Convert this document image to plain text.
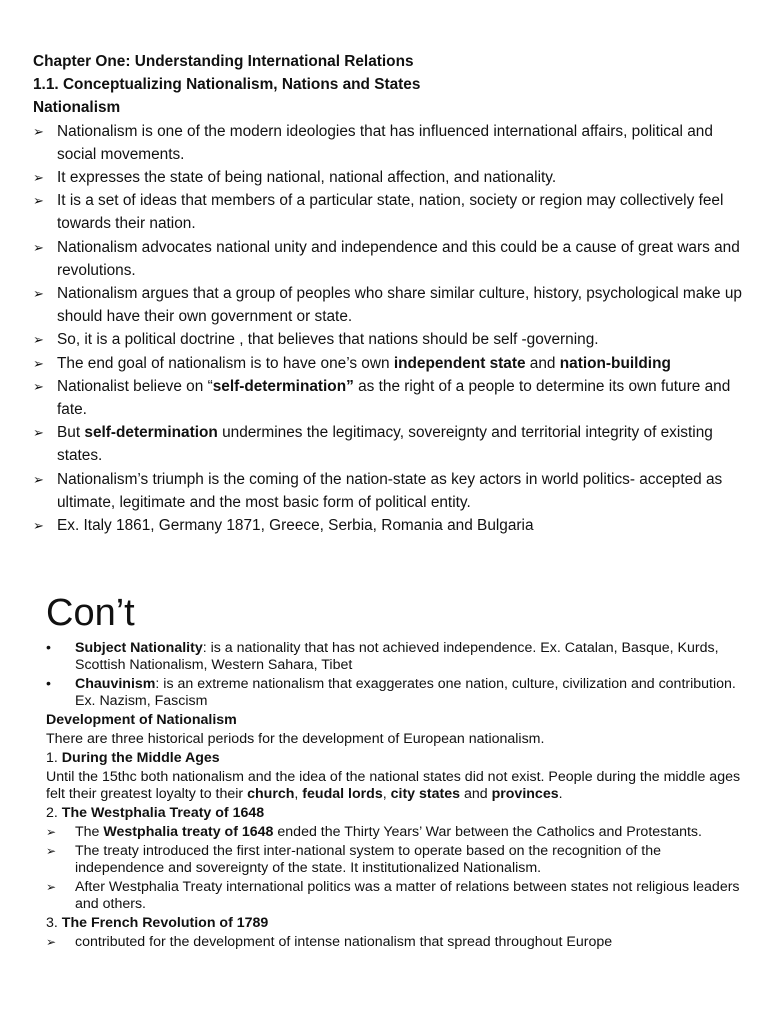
Chapter One: Understanding International Relations
1.1. Conceptualizing Nationalism, Nations and States
Nationalism
➢ Nationalism is one of the modern ideologies that has influenced international affairs, political and social movements.
➢ It expresses the state of being national, national affection, and nationality.
➢ It is a set of ideas that members of a particular state, nation, society or region may collectively feel towards their nation.
➢ Nationalism advocates national unity and independence and this could be a cause of great wars and revolutions.
➢ Nationalism argues that a group of peoples who share similar culture, history, psychological make up should have their own government or state.
➢ So, it is a political doctrine , that believes that nations should be self -governing.
➢ The end goal of nationalism is to have one’s own independent state and nation-building
➢ Nationalist believe on “self-determination” as the right of a people to determine its own future and fate.
➢ But self-determination undermines the legitimacy, sovereignty and territorial integrity of existing states.
➢ Nationalism’s triumph is the coming of the nation-state as key actors in world politics- accepted as ultimate, legitimate and the most basic form of political entity.
➢ Ex. Italy 1861, Germany 1871, Greece, Serbia, Romania and Bulgaria
Con’t
• Subject Nationality: is a nationality that has not achieved independence. Ex. Catalan, Basque, Kurds, Scottish Nationalism, Western Sahara, Tibet
• Chauvinism: is an extreme nationalism that exaggerates one nation, culture, civilization and contribution. Ex. Nazism, Fascism

Development of Nationalism

There are three historical periods for the development of European nationalism.

1. During the Middle Ages

Until the 15thc both nationalism and the idea of the national states did not exist. People during the middle ages felt their greatest loyalty to their church, feudal lords, city states and provinces.

2. The Westphalia Treaty of 1648

➢ The Westphalia treaty of 1648 ended the Thirty Years’ War between the Catholics and Protestants.
➢ The treaty introduced the first inter-national system to operate based on the recognition of the independence and sovereignty of the state. It institutionalized Nationalism.
➢ After Westphalia Treaty international politics was a matter of relations between states not religious leaders and others.

3. The French Revolution of 1789

➢ contributed for the development of intense nationalism that spread throughout Europe
